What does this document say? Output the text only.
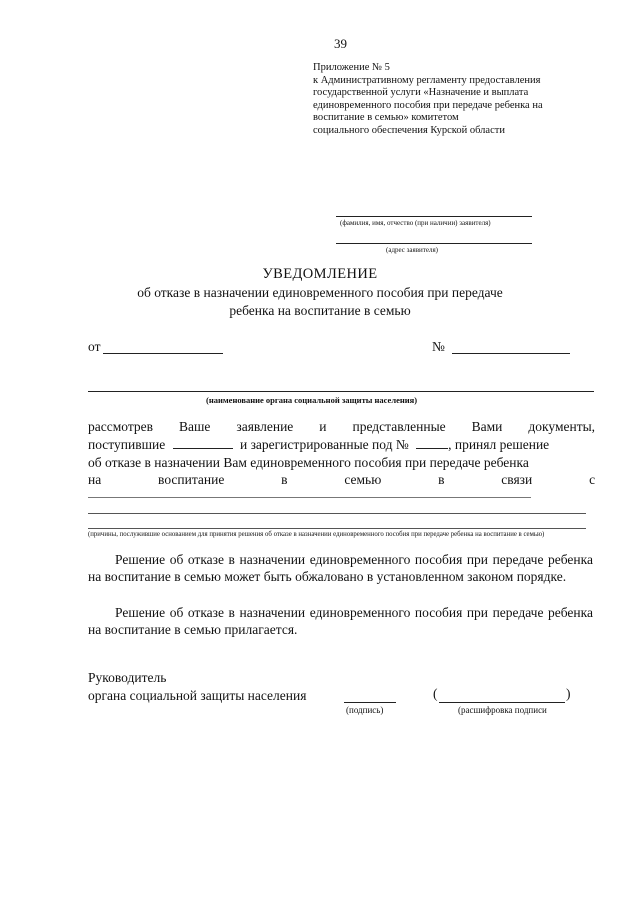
39
Приложение № 5
к Административному регламенту предоставления
государственной услуги «Назначение и выплата
единовременного пособия при передаче ребенка на
воспитание в семью» комитетом
социального обеспечения Курской области
(фамилия, имя, отчество (при наличии) заявителя)
(адрес заявителя)
УВЕДОМЛЕНИЕ
об отказе в назначении единовременного пособия при передаче
ребенка на воспитание в семью
от	№
(наименование органа социальной защиты населения)
рассмотрев Ваше заявление и представленные Вами документы,
поступившие	и зарегистрированные под №	, принял решение
об отказе в назначении Вам единовременного пособия при передаче ребенка
на	воспитание	в	семью	в	связи	с
(причины, послужившие основанием для принятия решения об отказе в назначении единовременного пособия при передаче ребенка на воспитание в семью)
Решение об отказе в назначении единовременного пособия при передаче ребенка на воспитание в семью может быть обжаловано в установленном законом порядке.
Решение об отказе в назначении единовременного пособия при передаче ребенка на воспитание в семью прилагается.
Руководитель
органа социальной защиты населения	(	)
(подпись)	(расшифровка подписи
